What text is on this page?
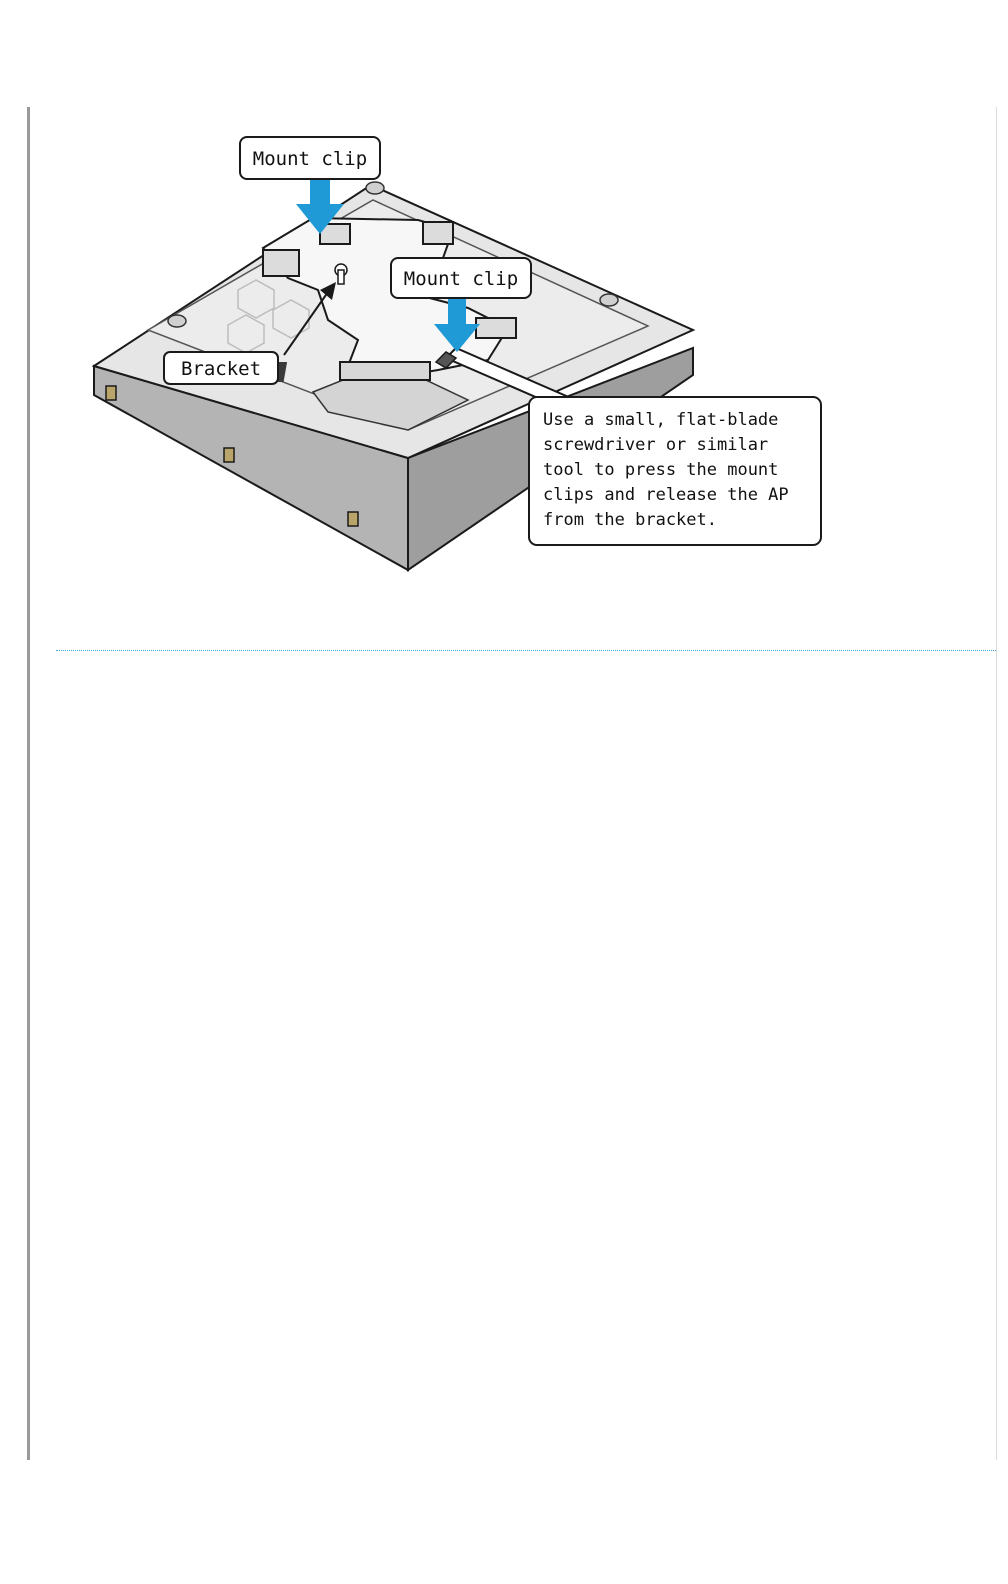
Mount clip
Mount clip
Bracket
Use a small, flat-blade
screwdriver or similar
tool to press the mount
clips and release the AP
from the bracket.
